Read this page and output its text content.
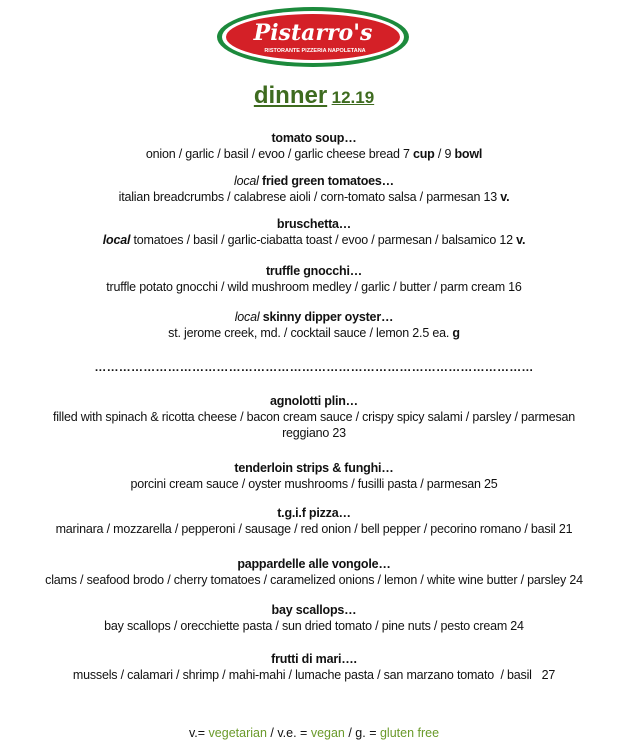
Pistarro's
RISTORANTE PIZZERIA NAPOLETANA
dinner 12.19
tomato soup…
onion / garlic / basil / evoo / garlic cheese bread 7 cup / 9 bowl
local fried green tomatoes…
italian breadcrumbs / calabrese aioli / corn-tomato salsa / parmesan 13 v.
bruschetta…
local tomatoes / basil / garlic-ciabatta toast / evoo / parmesan / balsamico 12 v.
truffle gnocchi…
truffle potato gnocchi / wild mushroom medley / garlic / butter / parm cream 16
local skinny dipper oyster…
st. jerome creek, md. / cocktail sauce / lemon 2.5 ea. g
………………………………………………………………………………………………
agnolotti plin…
filled with spinach & ricotta cheese / bacon cream sauce / crispy spicy salami / parsley / parmesan
reggiano 23
tenderloin strips & funghi…
porcini cream sauce / oyster mushrooms / fusilli pasta / parmesan 25
t.g.i.f pizza…
marinara / mozzarella / pepperoni / sausage / red onion / bell pepper / pecorino romano / basil 21
pappardelle alle vongole…
clams / seafood brodo / cherry tomatoes / caramelized onions / lemon / white wine butter / parsley 24
bay scallops…
bay scallops / orecchiette pasta / sun dried tomato / pine nuts / pesto cream 24
frutti di mari….
mussels / calamari / shrimp / mahi-mahi / lumache pasta / san marzano tomato  / basil   27
v.= vegetarian / v.e. = vegan / g. = gluten free
